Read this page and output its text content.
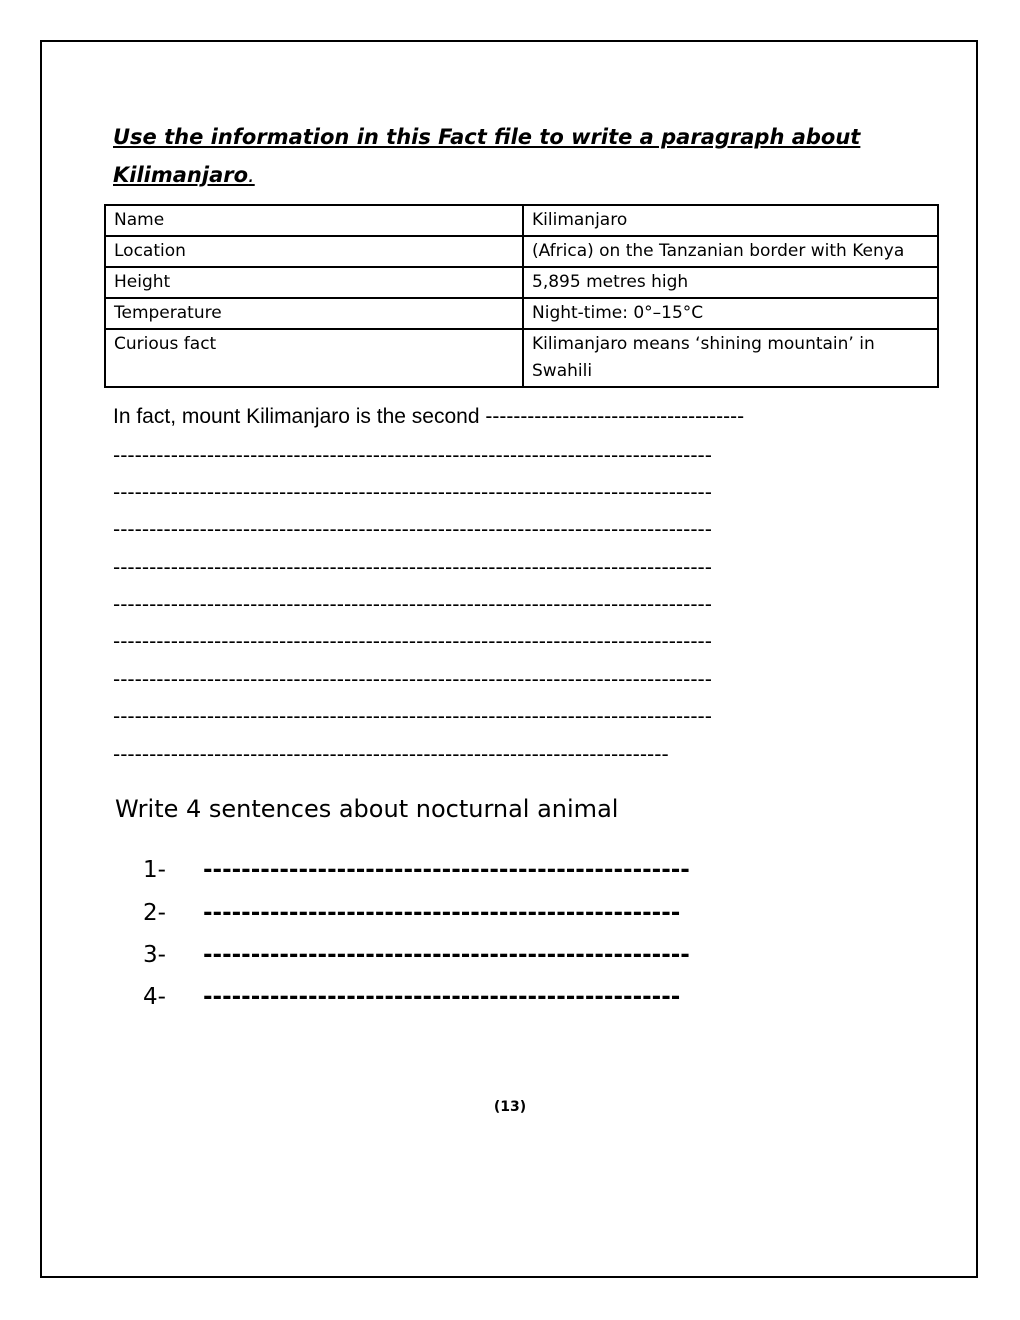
Use the information in this Fact file to write a paragraph about Kilimanjaro.
Name	Kilimanjaro
Location	(Africa) on the Tanzanian border with Kenya
Height	5,895 metres high
Temperature	Night-time: 0°–15°C
Curious fact	Kilimanjaro means ‘shining mountain’ in Swahili
In fact, mount Kilimanjaro is the second -------------------------------------
-----------------------------------------------------------------------------------
-----------------------------------------------------------------------------------
-----------------------------------------------------------------------------------
-----------------------------------------------------------------------------------
-----------------------------------------------------------------------------------
-----------------------------------------------------------------------------------
-----------------------------------------------------------------------------------
-----------------------------------------------------------------------------------
-----------------------------------------------------------------------------
Write 4 sentences about nocturnal animal
1- ---------------------------------------------------
2- --------------------------------------------------
3- ---------------------------------------------------
4- --------------------------------------------------
(13)
